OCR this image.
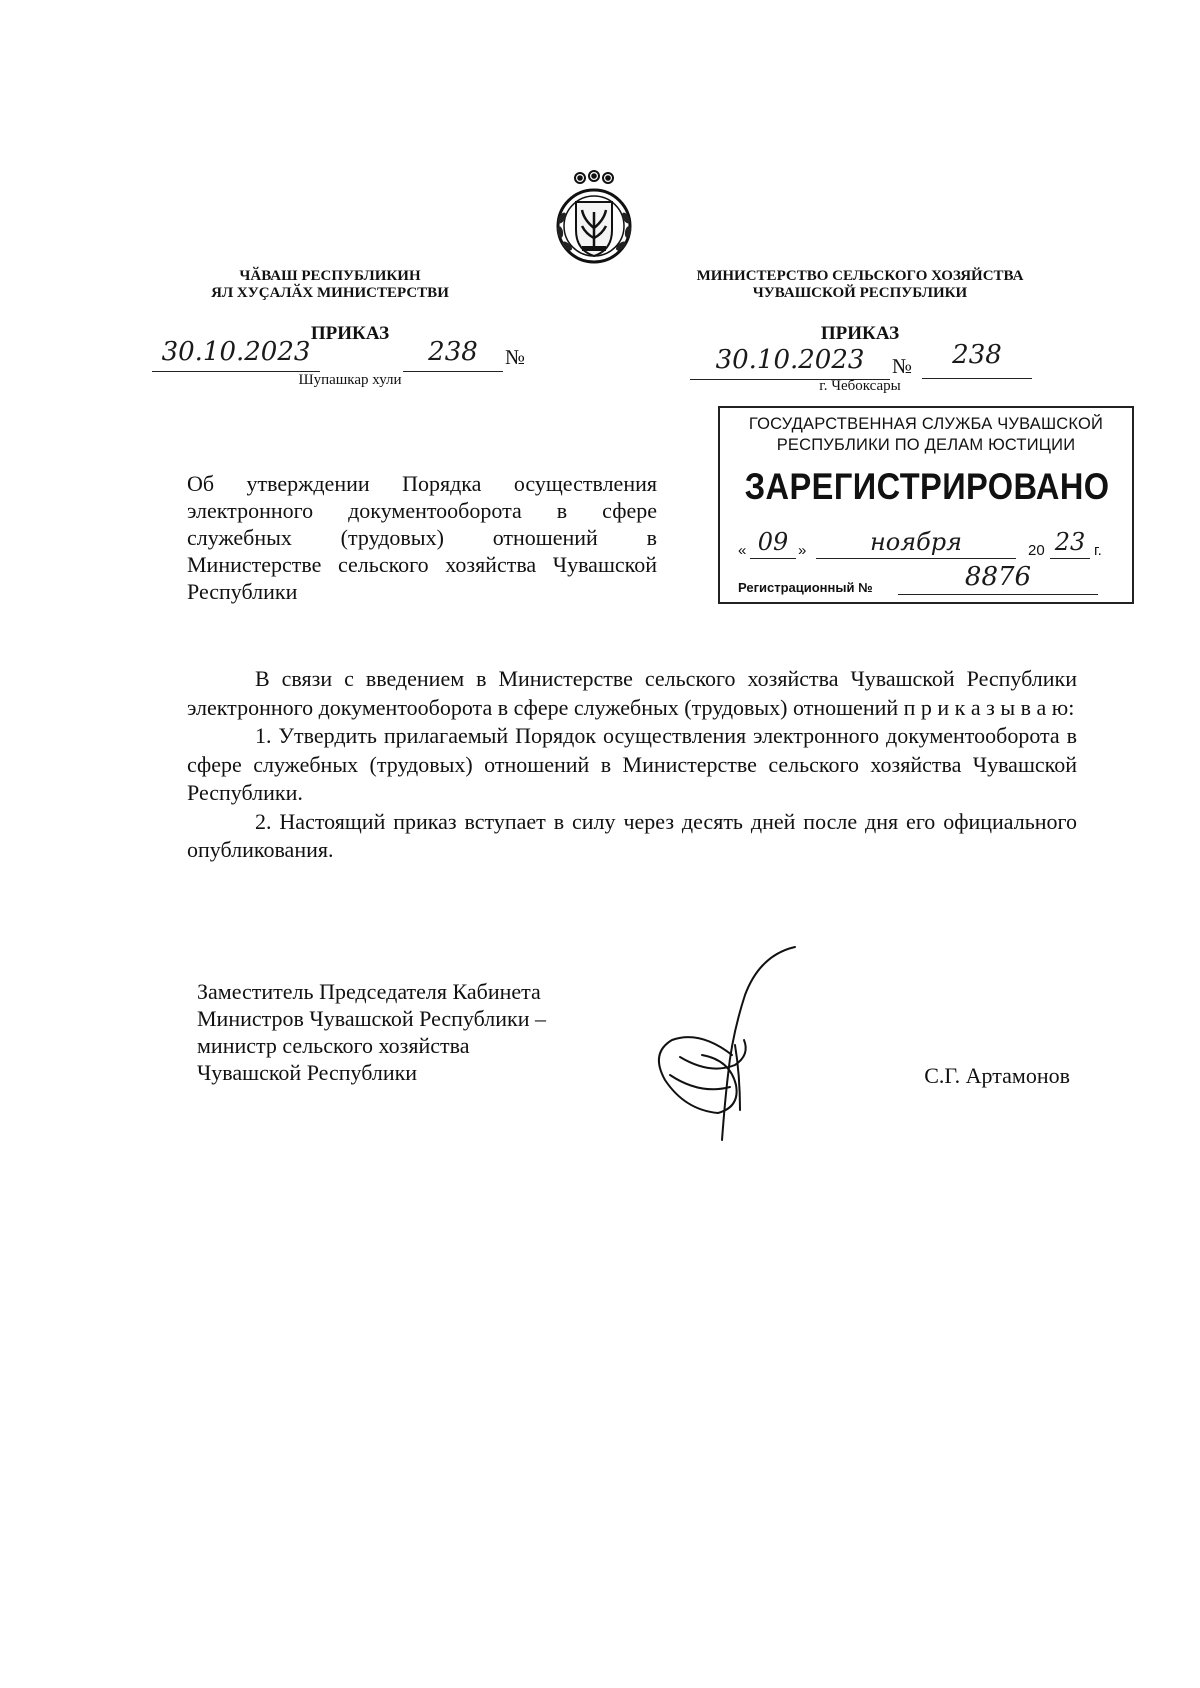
ЧӐВАШ РЕСПУБЛИКИН
ЯЛ ХУҪАЛӐХ МИНИСТЕРСТВИ
МИНИСТЕРСТВО СЕЛЬСКОГО ХОЗЯЙСТВА
ЧУВАШСКОЙ РЕСПУБЛИКИ
ПРИКАЗ
30.10.2023	238	№
Шупашкар хули
ПРИКАЗ
30.10.2023	№	238
г. Чебоксары
ГОСУДАРСТВЕННАЯ СЛУЖБА ЧУВАШСКОЙ
РЕСПУБЛИКИ ПО ДЕЛАМ ЮСТИЦИИ
ЗАРЕГИСТРИРОВАНО
« 09 »	ноября	20 23 г.
Регистрационный №	8876
Об утверждении Порядка осуществления электронного документооборота в сфере служебных (трудовых) отношений в Министерстве сельского хозяйства Чувашской Республики

В связи с введением в Министерстве сельского хозяйства Чувашской Республики электронного документооборота в сфере служебных (трудовых) отношений п р и к а з ы в а ю:

1. Утвердить прилагаемый Порядок осуществления электронного документооборота в сфере служебных (трудовых) отношений в Министерстве сельского хозяйства Чувашской Республики.

2. Настоящий приказ вступает в силу через десять дней после дня его официального опубликования.

Заместитель Председателя Кабинета
Министров Чувашской Республики –
министр сельского хозяйства
Чувашской Республики	С.Г. Артамонов
